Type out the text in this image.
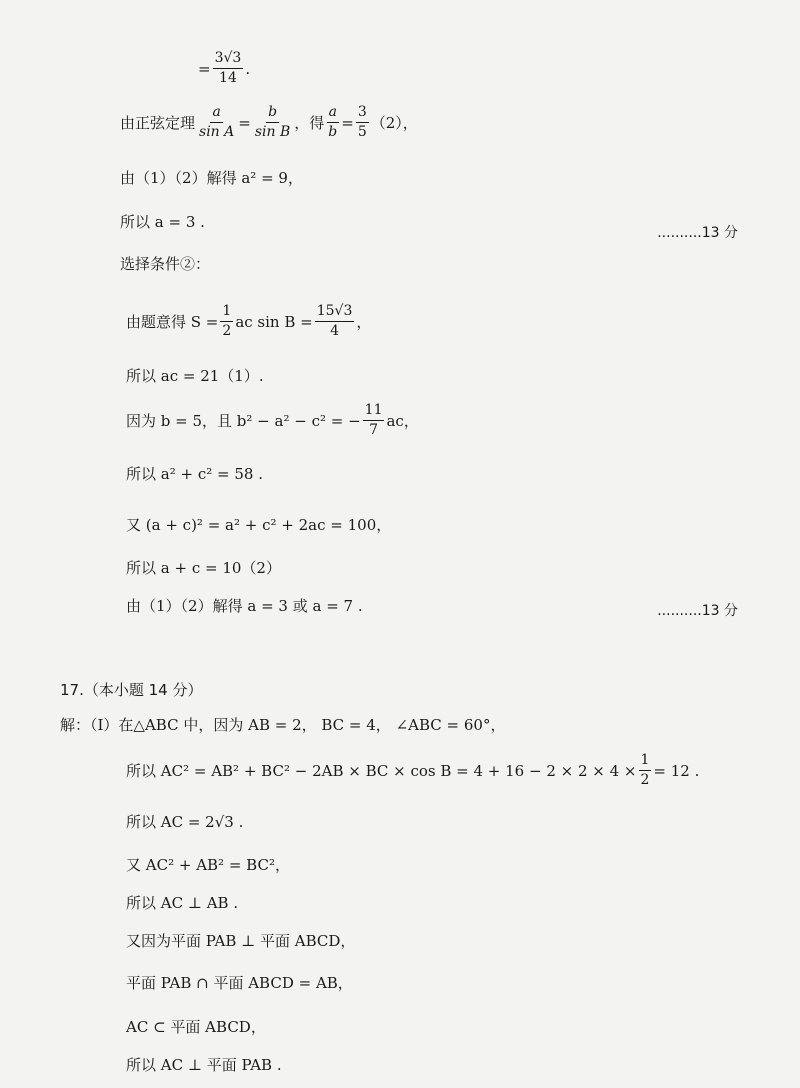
= $\frac{3√3}{14}$ .
由正弦定理 $\frac{a}{\text{sin A}} = \frac{b}{\text{sin B}}$ ，得 $\frac{a}{b} = \frac{3}{5} (2)$，
由（1）（2）解得 a² = 9，
所以 a = 3 .
..........13 分
选择条件②：
由题意得 $S = \frac{1}{2}$ ac $\sin B = \frac{15√3}{4}$ ，
所以 ac = 21（1）.
因为 b = 5，且 b² − a² − c² = − $\frac{11}{7}$ ac，
所以 a² + c² = 58 .
又 (a + c)² = a² + c² + 2ac = 100，
所以 a + c = 10（2）
由（1）（2）解得 a = 3 或 a = 7 .	..........13 分
17.（本小题 14 分）
解：（Ⅰ）在△ABC 中，因为 AB = 2， BC = 4， ∠ABC = 60°，
所以 AC² = AB² + BC² − 2AB × BC × $\cos B = 4 + 16 - 2 \times 2 \times 4 \times \frac{1}{2} = 12$ .
所以 AC = 2√3 .
又 AC² + AB² = BC²，
所以 AC ⊥ AB .
又因为平面 PAB ⊥ 平面 ABCD，
平面 PAB ∩ 平面 ABCD = AB，
AC ⊂ 平面 ABCD，
所以 AC ⊥ 平面 PAB .
